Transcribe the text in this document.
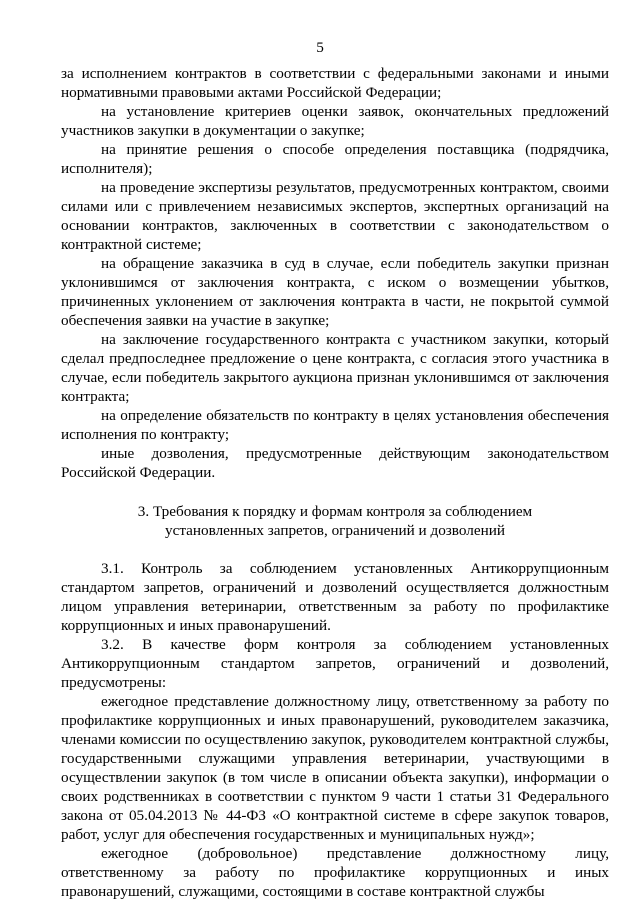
5

за исполнением контрактов в соответствии с федеральными законами и иными нормативными правовыми актами Российской Федерации;

на установление критериев оценки заявок, окончательных предложений участников закупки в документации о закупке;

на принятие решения о способе определения поставщика (подрядчика, исполнителя);

на проведение экспертизы результатов, предусмотренных контрактом, своими силами или с привлечением независимых экспертов, экспертных организаций на основании контрактов, заключенных в соответствии с законодательством о контрактной системе;

на обращение заказчика в суд в случае, если победитель закупки признан уклонившимся от заключения контракта, с иском о возмещении убытков, причиненных уклонением от заключения контракта в части, не покрытой суммой обеспечения заявки на участие в закупке;

на заключение государственного контракта с участником закупки, который сделал предпоследнее предложение о цене контракта, с согласия этого участника в случае, если победитель закрытого аукциона признан уклонившимся от заключения контракта;

на определение обязательств по контракту в целях установления обеспечения исполнения по контракту;

иные дозволения, предусмотренные действующим законодательством Российской Федерации.

3. Требования к порядку и формам контроля за соблюдением
установленных запретов, ограничений и дозволений

3.1. Контроль за соблюдением установленных Антикоррупционным стандартом запретов, ограничений и дозволений осуществляется должностным лицом управления ветеринарии, ответственным за работу по профилактике коррупционных и иных правонарушений.

3.2. В качестве форм контроля за соблюдением установленных Антикоррупционным стандартом запретов, ограничений и дозволений, предусмотрены:

ежегодное представление должностному лицу, ответственному за работу по профилактике коррупционных и иных правонарушений, руководителем заказчика, членами комиссии по осуществлению закупок, руководителем контрактной службы, государственными служащими управления ветеринарии, участвующими в осуществлении закупок (в том числе в описании объекта закупки), информации о своих родственниках в соответствии с пунктом 9 части 1 статьи 31 Федерального закона от 05.04.2013 № 44-ФЗ «О контрактной системе в сфере закупок товаров, работ, услуг для обеспечения государственных и муниципальных нужд»;

ежегодное (добровольное) представление должностному лицу, ответственному за работу по профилактике коррупционных и иных правонарушений, служащими, состоящими в составе контрактной службы
